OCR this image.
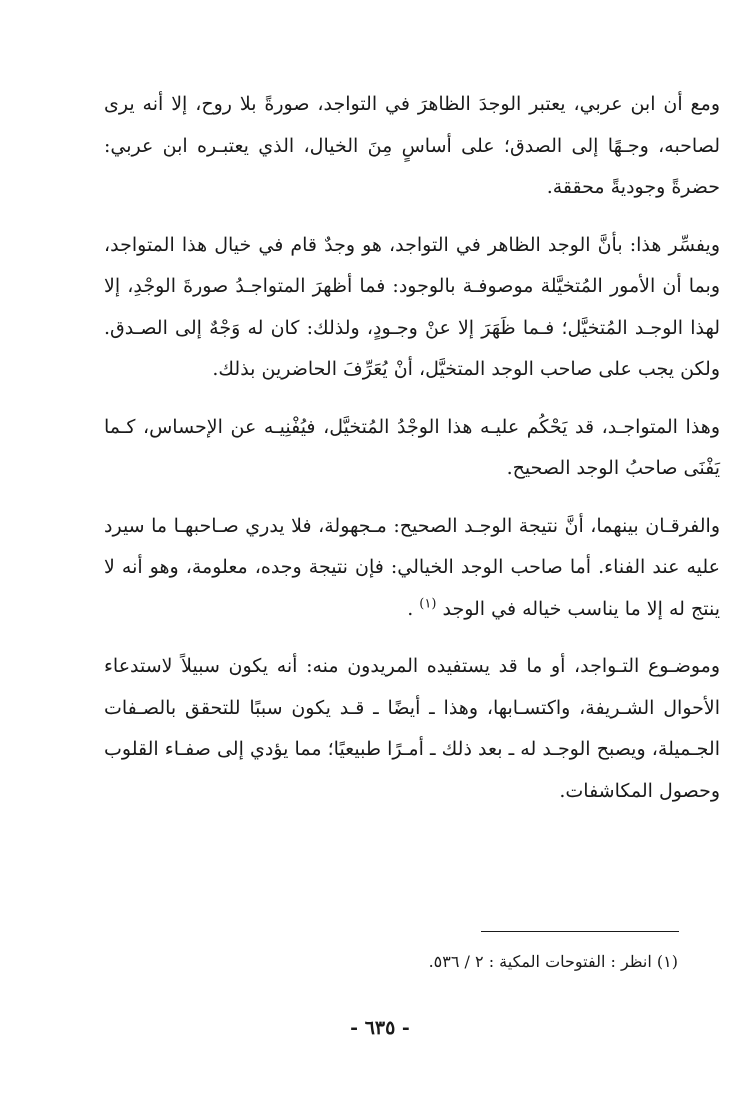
ومع أن ابن عربي، يعتبر الوجدَ الظاهرَ في التواجد، صورةً بلا روح، إلا أنه يرى لصاحبه، وجـهًا إلى الصدق؛ على أساسٍ مِنَ الخيال، الذي يعتبـره ابن عربي: حضرةً وجوديةً محققة.

ويفسِّر هذا: بأنَّ الوجد الظاهر في التواجد، هو وجدٌ قام في خيال هذا المتواجد، وبما أن الأمور المُتخيَّلة موصوفـة بالوجود: فما أظهرَ المتواجـدُ صورةَ الوجْدِ، إلا لهذا الوجـد المُتخيَّل؛ فـما ظَهَرَ إلا عنْ وجـودٍ، ولذلك: كان له وَجْهٌ إلى الصـدق. ولكن يجب على صاحب الوجد المتخيَّل، أنْ يُعَرِّفَ الحاضرين بذلك.

وهذا المتواجـد، قد يَحْكُم عليـه هذا الوجْدُ المُتخيَّل، فيُفْنِيـه عن الإحساس، كـما يَفْنَى صاحبُ الوجد الصحيح.

والفرقـان بينهما، أنَّ نتيجة الوجـد الصحيح: مـجهولة، فلا يدري صـاحبهـا ما سيرد عليه عند الفناء. أما صاحب الوجد الخيالي: فإن نتيجة وجده، معلومة، وهو أنه لا ينتج له إلا ما يناسب خياله في الوجد $^{(١)}$ .

وموضـوع التـواجد، أو ما قد يستفيده المريدون منه: أنه يكون سبيلاً لاستدعاء الأحوال الشـريفة، واكتسـابها، وهذا ـ أيضًا ـ قـد يكون سببًا للتحقق بالصـفات الجـميلة، ويصبح الوجـد له ـ بعد ذلك ـ أمـرًا طبيعيًا؛ مما يؤدي إلى صفـاء القلوب وحصول المكاشفات.

(١) انظر : الفتوحات المكية : ٢ / ٥٣٦.
- ٦٣٥ -
